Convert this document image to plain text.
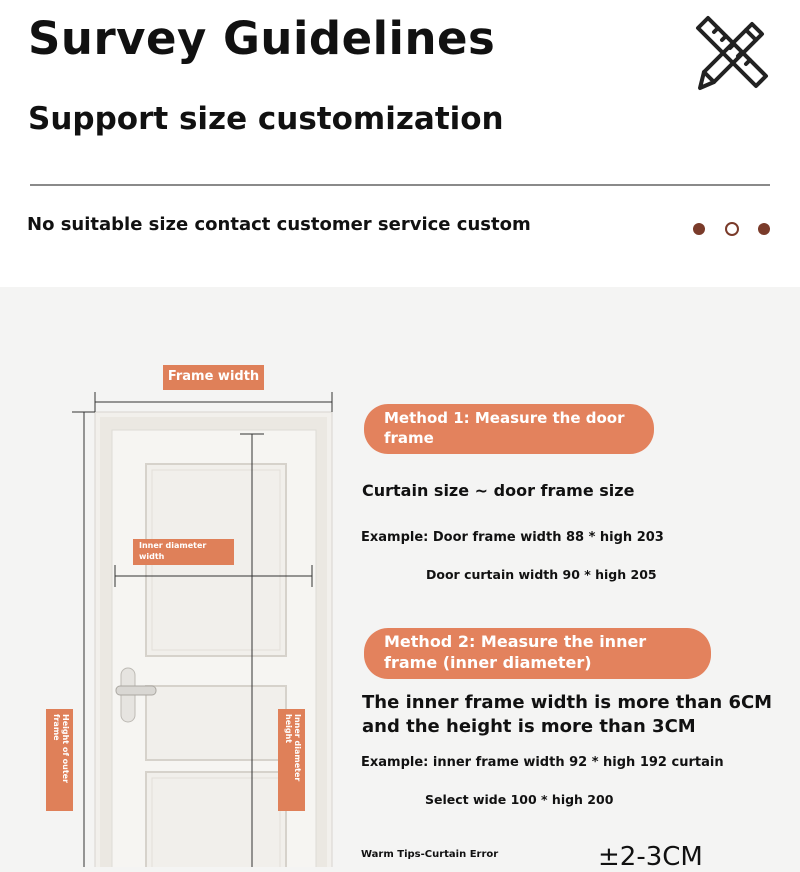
Survey Guidelines
Support size customization
No suitable size contact customer service custom
Frame width
Inner diameter width
Height of outer frame	Inner diameter height
Method 1: Measure the door frame
Curtain size ~ door frame size
Example: Door frame width 88 * high 203
Door curtain width 90 * high 205
Method 2: Measure the inner frame (inner diameter)
The inner frame width is more than 6CM and the height is more than 3CM
Example: inner frame width 92 * high 192 curtain
Select wide 100 * high 200
Warm Tips-Curtain Error	±2-3CM
